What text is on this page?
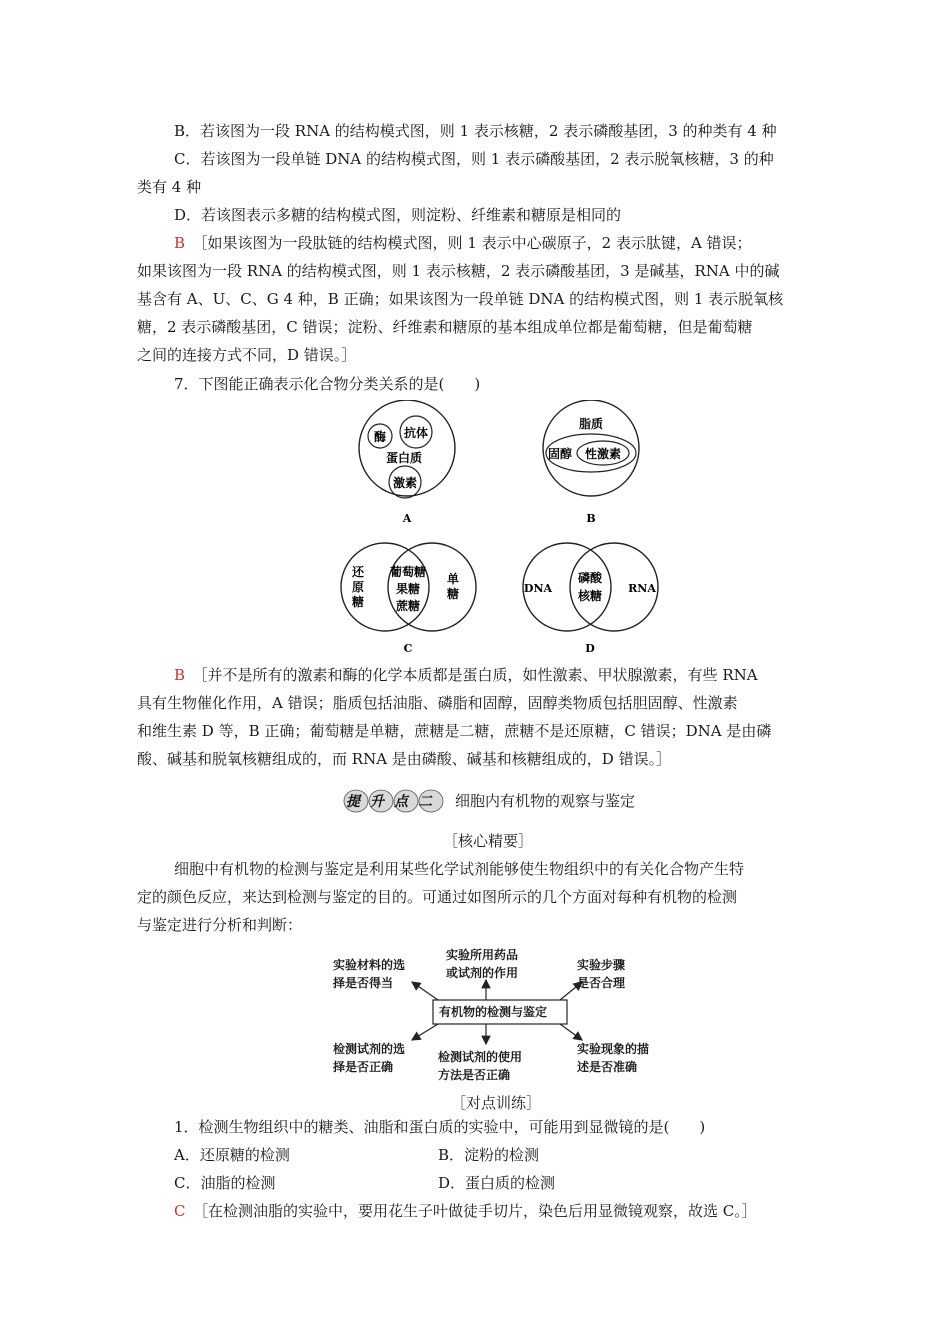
B．若该图为一段 RNA 的结构模式图，则 1 表示核糖，2 表示磷酸基团，3 的种类有 4 种
C．若该图为一段单链 DNA 的结构模式图，则 1 表示磷酸基团，2 表示脱氧核糖，3 的种
类有 4 种
D．若该图表示多糖的结构模式图，则淀粉、纤维素和糖原是相同的
B　 ［如果该图为一段肽链的结构模式图，则 1 表示中心碳原子，2 表示肽键，A 错误；
如果该图为一段 RNA 的结构模式图，则 1 表示核糖，2 表示磷酸基团，3 是碱基，RNA 中的碱
基含有 A、U、C、G 4 种，B 正确；如果该图为一段单链 DNA 的结构模式图，则 1 表示脱氧核
糖，2 表示磷酸基团，C 错误；淀粉、纤维素和糖原的基本组成单位都是葡萄糖，但是葡萄糖
之间的连接方式不同，D 错误。］
7．下图能正确表示化合物分类关系的是(　　)
酶 抗体
蛋白质
激素
A
脂质
固醇 性激素
B
还
原
糖
葡萄糖
果糖
蔗糖
单
糖
C
DNA
磷酸
核糖
RNA
D
B　 ［并不是所有的激素和酶的化学本质都是蛋白质，如性激素、甲状腺激素，有些 RNA
具有生物催化作用，A 错误；脂质包括油脂、磷脂和固醇，固醇类物质包括胆固醇、性激素
和维生素 D 等，B 正确；葡萄糖是单糖，蔗糖是二糖，蔗糖不是还原糖，C 错误；DNA 是由磷
酸、碱基和脱氧核糖组成的，而 RNA 是由磷酸、碱基和核糖组成的，D 错误。］
提升点二 细胞内有机物的观察与鉴定
［核心精要］
细胞中有机物的检测与鉴定是利用某些化学试剂能够使生物组织中的有关化合物产生特
定的颜色反应，来达到检测与鉴定的目的。可通过如图所示的几个方面对每种有机物的检测
与鉴定进行分析和判断：
有机物的检测与鉴定
实验材料的选
择是否得当
实验所用药品
或试剂的作用
实验步骤
是否合理
检测试剂的选
择是否正确
检测试剂的使用
方法是否正确
实验现象的描
述是否准确
［对点训练］
1．检测生物组织中的糖类、油脂和蛋白质的实验中，可能用到显微镜的是(　　)
A．还原糖的检测	B．淀粉的检测
C．油脂的检测	D．蛋白质的检测
C　 ［在检测油脂的实验中，要用花生子叶做徒手切片，染色后用显微镜观察，故选 C。］
